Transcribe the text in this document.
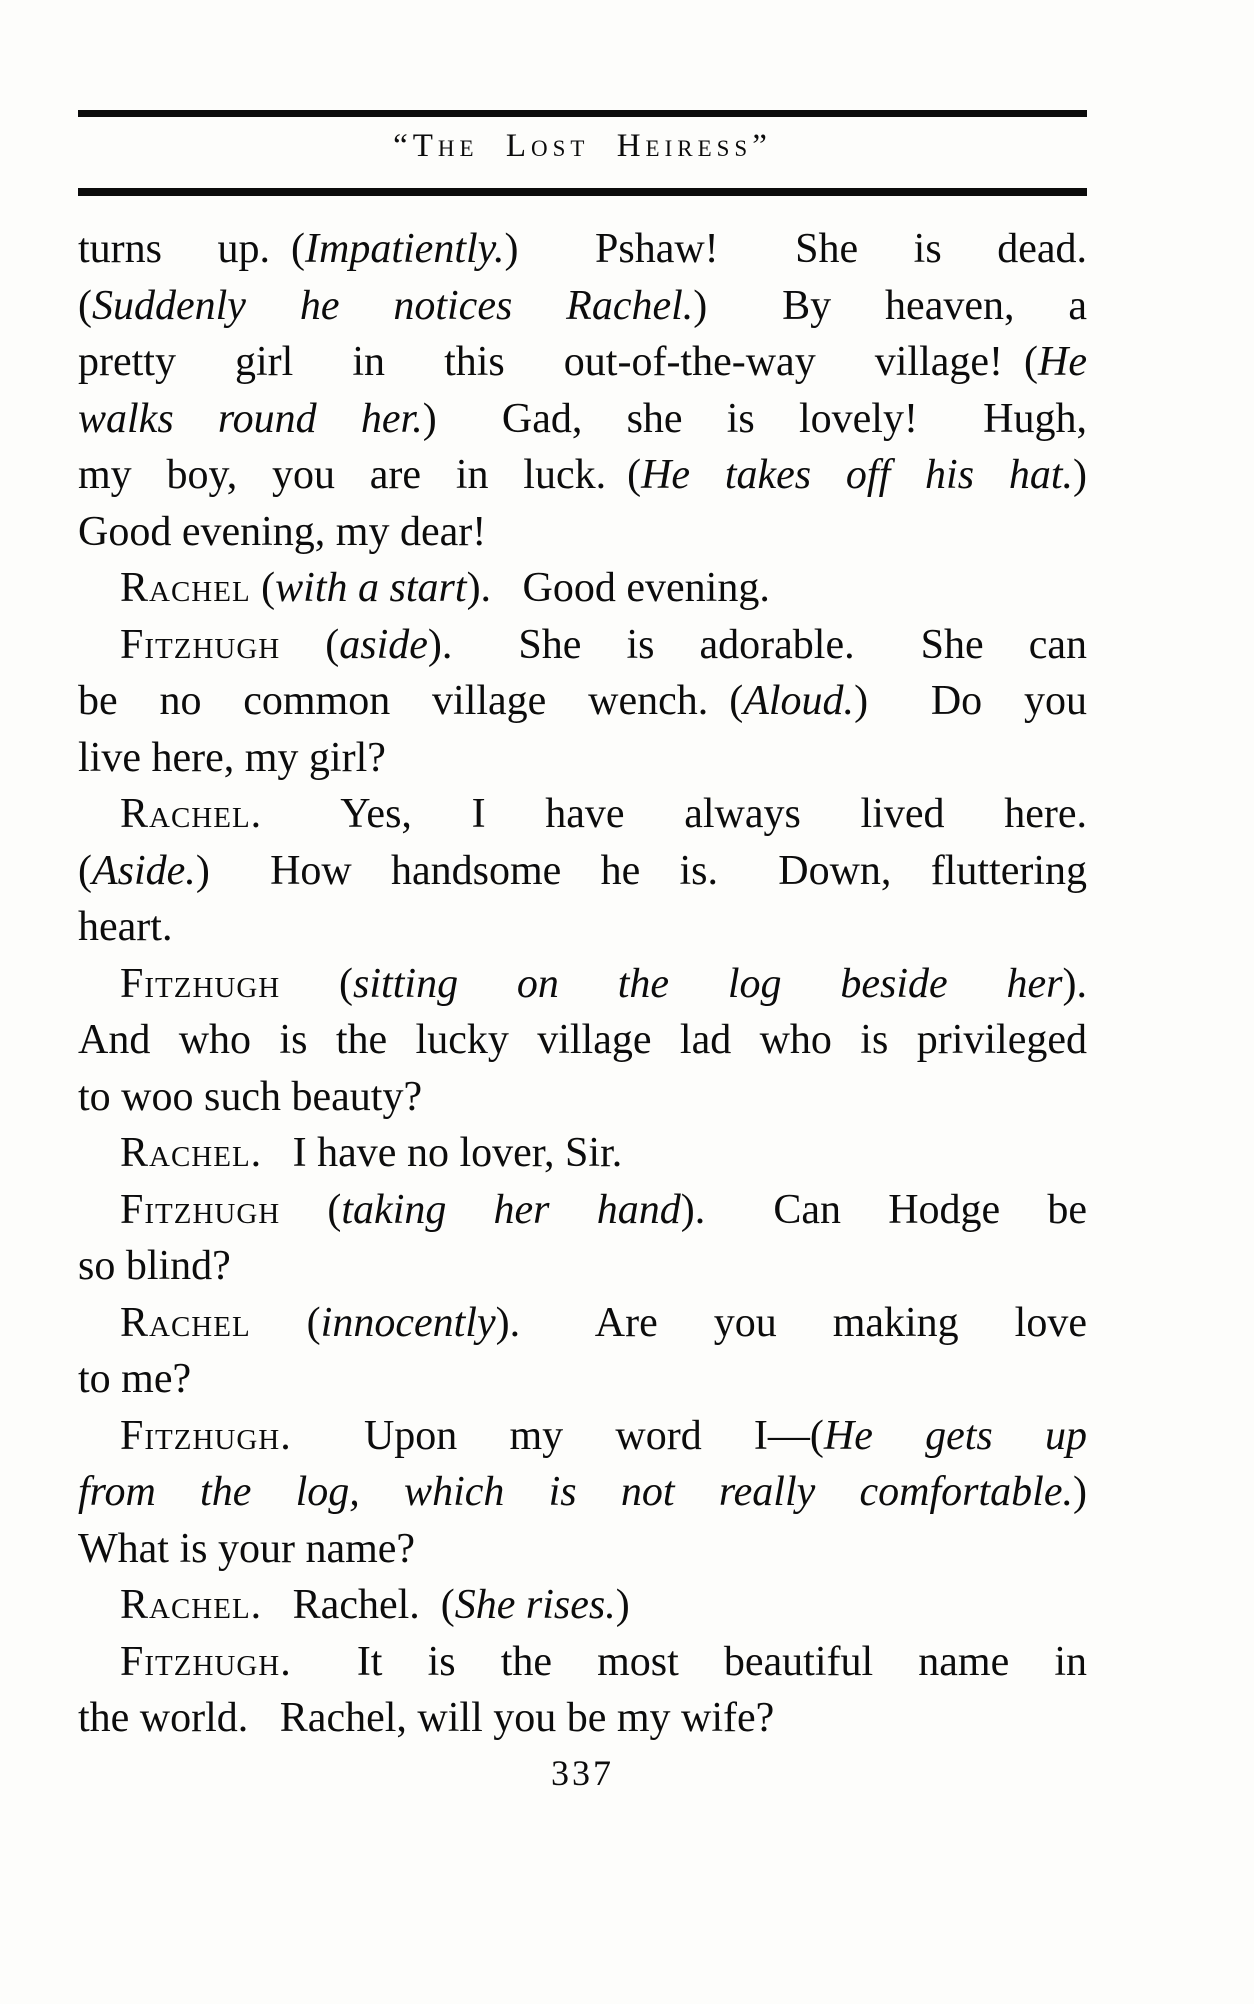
“The Lost Heiress”
turns up. (Impatiently.)  Pshaw!  She is dead.
(Suddenly he notices Rachel.)  By heaven, a
pretty girl in this out-of-the-way village! (He
walks round her.)  Gad, she is lovely!  Hugh,
my boy, you are in luck. (He takes off his hat.)
Good evening, my dear!
Rachel (with a start).  Good evening.
Fitzhugh (aside).  She is adorable.  She can
be no common village wench. (Aloud.)  Do you
live here, my girl?
Rachel.  Yes, I have always lived here.
(Aside.)  How handsome he is.  Down, fluttering
heart.
Fitzhugh (sitting on the log beside her).
And who is the lucky village lad who is privileged
to woo such beauty?
Rachel.  I have no lover, Sir.
Fitzhugh (taking her hand).  Can Hodge be
so blind?
Rachel (innocently).  Are you making love
to me?
Fitzhugh.  Upon my word I—(He gets up
from the log, which is not really comfortable.)
What is your name?
Rachel.  Rachel. (She rises.)
Fitzhugh.  It is the most beautiful name in
the world.  Rachel, will you be my wife?
337
